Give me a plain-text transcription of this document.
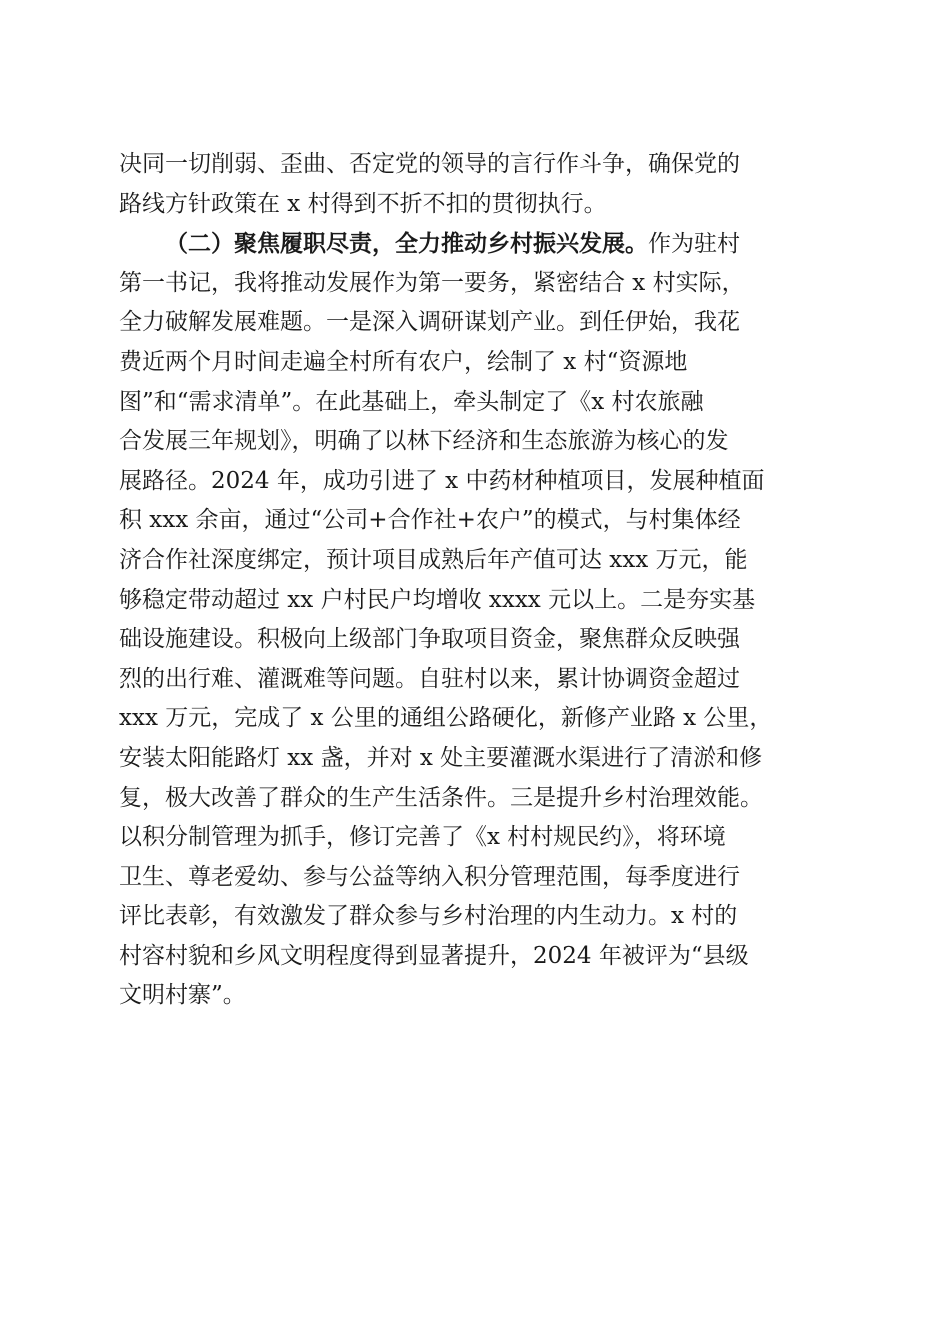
决同一切削弱、歪曲、否定党的领导的言行作斗争，确保党的
路线方针政策在 x 村得到不折不扣的贯彻执行。
（二）聚焦履职尽责，全力推动乡村振兴发展。作为驻村
第一书记，我将推动发展作为第一要务，紧密结合 x 村实际，
全力破解发展难题。一是深入调研谋划产业。到任伊始，我花
费近两个月时间走遍全村所有农户，绘制了 x 村“资源地
图”和“需求清单”。在此基础上，牵头制定了《x 村农旅融
合发展三年规划》，明确了以林下经济和生态旅游为核心的发
展路径。2024 年，成功引进了 x 中药材种植项目，发展种植面
积 xxx 余亩，通过“公司+合作社+农户”的模式，与村集体经
济合作社深度绑定，预计项目成熟后年产值可达 xxx 万元，能
够稳定带动超过 xx 户村民户均增收 xxxx 元以上。二是夯实基
础设施建设。积极向上级部门争取项目资金，聚焦群众反映强
烈的出行难、灌溉难等问题。自驻村以来，累计协调资金超过
xxx 万元，完成了 x 公里的通组公路硬化，新修产业路 x 公里，
安装太阳能路灯 xx 盏，并对 x 处主要灌溉水渠进行了清淤和修
复，极大改善了群众的生产生活条件。三是提升乡村治理效能。
以积分制管理为抓手，修订完善了《x 村村规民约》，将环境
卫生、尊老爱幼、参与公益等纳入积分管理范围，每季度进行
评比表彰，有效激发了群众参与乡村治理的内生动力。x 村的
村容村貌和乡风文明程度得到显著提升，2024 年被评为“县级
文明村寨”。
